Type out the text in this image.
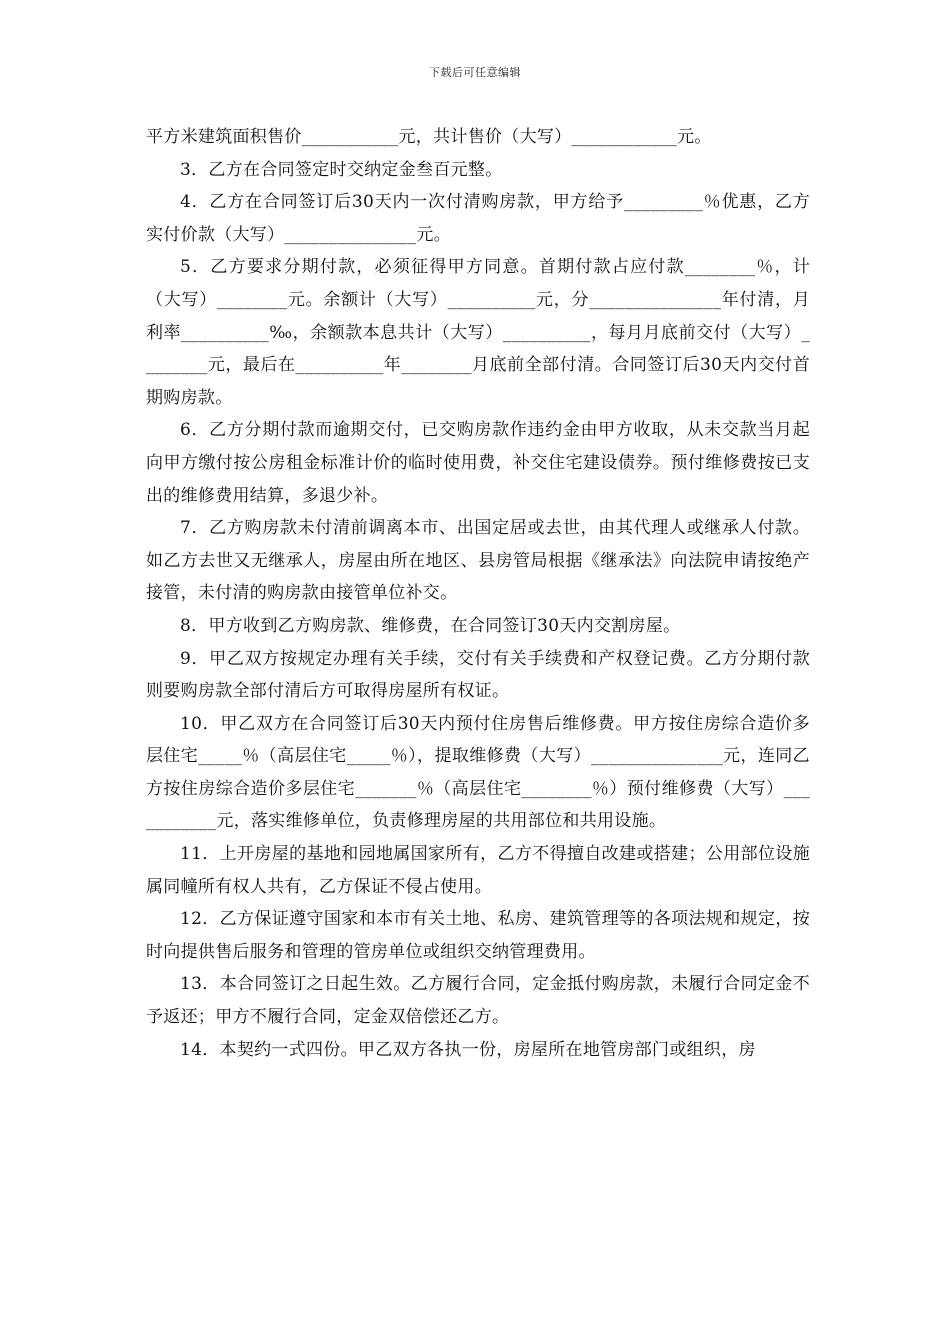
下载后可任意编辑

平方米建筑面积售价___________元，共计售价（大写）____________元。

3．乙方在合同签定时交纳定金叁百元整。

4．乙方在合同签订后30天内一次付清购房款，甲方给予_________％优惠，乙方实付价款（大写）_______________元。

5．乙方要求分期付款，必须征得甲方同意。首期付款占应付款________％，计（大写）________元。余额计（大写）__________元，分_______________年付清，月利率__________‰，余额款本息共计（大写）__________，每月月底前交付（大写）________元，最后在__________年________月底前全部付清。合同签订后30天内交付首期购房款。

6．乙方分期付款而逾期交付，已交购房款作违约金由甲方收取，从未交款当月起向甲方缴付按公房租金标准计价的临时使用费，补交住宅建设债券。预付维修费按已支出的维修费用结算，多退少补。

7．乙方购房款未付清前调离本市、出国定居或去世，由其代理人或继承人付款。如乙方去世又无继承人，房屋由所在地区、县房管局根据《继承法》向法院申请按绝产接管，未付清的购房款由接管单位补交。

8．甲方收到乙方购房款、维修费，在合同签订30天内交割房屋。

9．甲乙双方按规定办理有关手续，交付有关手续费和产权登记费。乙方分期付款则要购房款全部付清后方可取得房屋所有权证。

10．甲乙双方在合同签订后30天内预付住房售后维修费。甲方按住房综合造价多层住宅_____％（高层住宅_____％），提取维修费（大写）_______________元，连同乙方按住房综合造价多层住宅_______％（高层住宅________％）预付维修费（大写）___________元，落实维修单位，负责修理房屋的共用部位和共用设施。

11．上开房屋的基地和园地属国家所有，乙方不得擅自改建或搭建；公用部位设施属同幢所有权人共有，乙方保证不侵占使用。

12．乙方保证遵守国家和本市有关土地、私房、建筑管理等的各项法规和规定，按时向提供售后服务和管理的管房单位或组织交纳管理费用。

13．本合同签订之日起生效。乙方履行合同，定金抵付购房款，未履行合同定金不予返还；甲方不履行合同，定金双倍偿还乙方。

14．本契约一式四份。甲乙双方各执一份，房屋所在地管房部门或组织，房
